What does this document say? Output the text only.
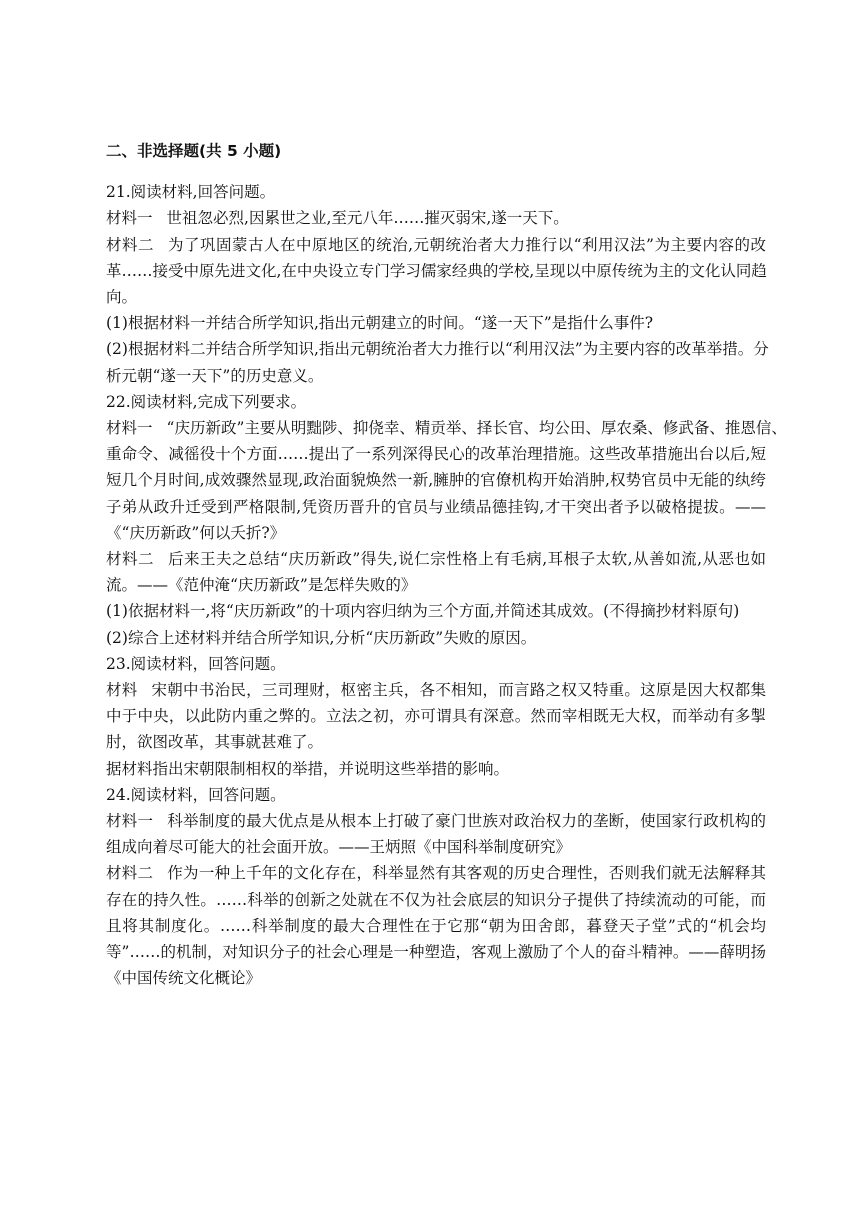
二、非选择题(共 5 小题)

21.阅读材料,回答问题。

材料一 世祖忽必烈,因累世之业,至元八年……摧灭弱宋,遂一天下。

材料二 为了巩固蒙古人在中原地区的统治,元朝统治者大力推行以“利用汉法”为主要内容的改

革……接受中原先进文化,在中央设立专门学习儒家经典的学校,呈现以中原传统为主的文化认同趋

向。

(1)根据材料一并结合所学知识,指出元朝建立的时间。“遂一天下”是指什么事件?

(2)根据材料二并结合所学知识,指出元朝统治者大力推行以“利用汉法”为主要内容的改革举措。分

析元朝“遂一天下”的历史意义。

22.阅读材料,完成下列要求。

材料一 “庆历新政”主要从明黜陟、抑侥幸、精贡举、择长官、均公田、厚农桑、修武备、推恩信、

重命令、减徭役十个方面……提出了一系列深得民心的改革治理措施。这些改革措施出台以后,短

短几个月时间,成效骤然显现,政治面貌焕然一新,臃肿的官僚机构开始消肿,权势官员中无能的纨绔

子弟从政升迁受到严格限制,凭资历晋升的官员与业绩品德挂钩,才干突出者予以破格提拔。——

《“庆历新政”何以夭折?》

材料二 后来王夫之总结“庆历新政”得失,说仁宗性格上有毛病,耳根子太软,从善如流,从恶也如

流。——《范仲淹“庆历新政”是怎样失败的》

(1)依据材料一,将“庆历新政”的十项内容归纳为三个方面,并简述其成效。(不得摘抄材料原句)

(2)综合上述材料并结合所学知识,分析“庆历新政”失败的原因。

23.阅读材料，回答问题。

材料 宋朝中书治民，三司理财，枢密主兵，各不相知，而言路之权又特重。这原是因大权都集

中于中央，以此防内重之弊的。立法之初，亦可谓具有深意。然而宰相既无大权，而举动有多掣

肘，欲图改革，其事就甚难了。

据材料指出宋朝限制相权的举措，并说明这些举措的影响。

24.阅读材料，回答问题。

材料一 科举制度的最大优点是从根本上打破了豪门世族对政治权力的垄断，使国家行政机构的

组成向着尽可能大的社会面开放。——王炳照《中国科举制度研究》

材料二 作为一种上千年的文化存在，科举显然有其客观的历史合理性，否则我们就无法解释其

存在的持久性。……科举的创新之处就在不仅为社会底层的知识分子提供了持续流动的可能，而

且将其制度化。……科举制度的最大合理性在于它那“朝为田舍郎，暮登天子堂”式的“机会均

等”……的机制，对知识分子的社会心理是一种塑造，客观上激励了个人的奋斗精神。——薛明扬

《中国传统文化概论》
